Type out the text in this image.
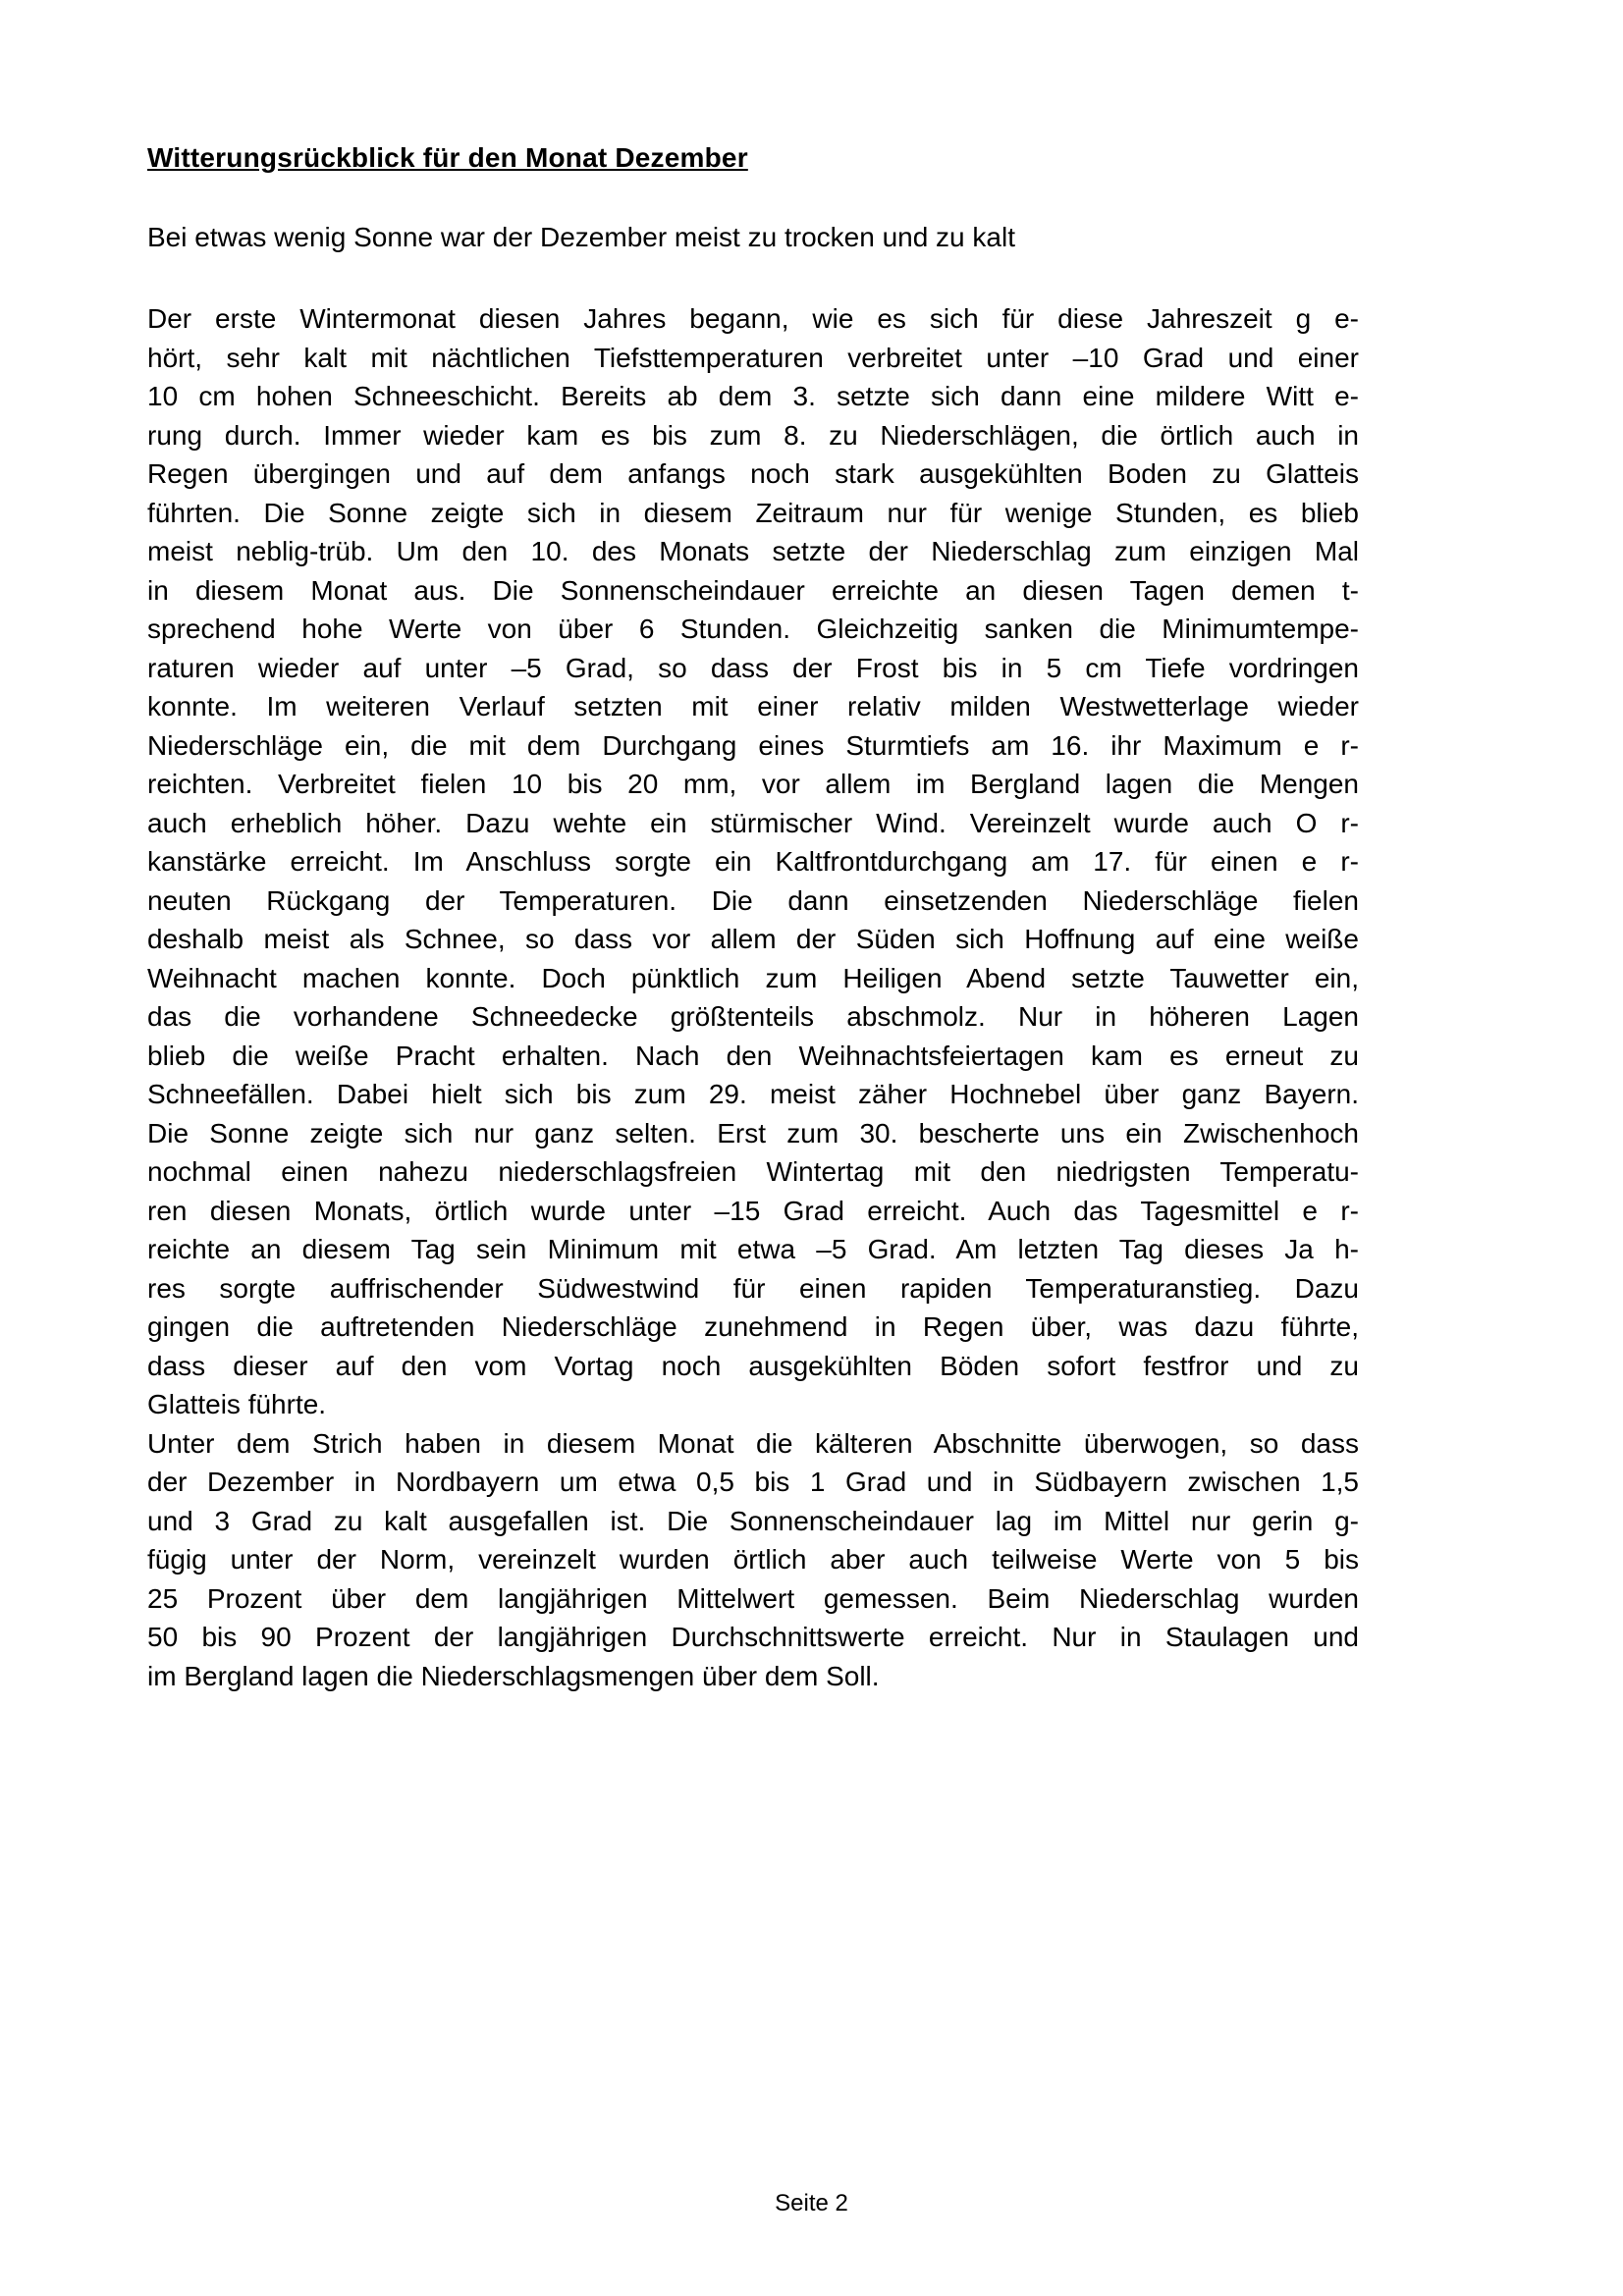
Witterungsrückblick für den Monat Dezember
Bei etwas wenig Sonne war der Dezember meist zu trocken und zu kalt
Der erste Wintermonat diesen Jahres begann, wie es sich für diese Jahreszeit g e-
hört, sehr kalt mit nächtlichen Tiefsttemperaturen verbreitet unter –10 Grad und einer
10 cm hohen Schneeschicht. Bereits ab dem 3. setzte sich dann eine mildere Witt e-
rung durch. Immer wieder kam es bis zum 8. zu Niederschlägen, die örtlich auch in
Regen übergingen und auf dem anfangs noch stark ausgekühlten Boden zu Glatteis
führten. Die Sonne zeigte sich in diesem Zeitraum nur für wenige Stunden, es blieb
meist neblig-trüb. Um den 10. des Monats setzte der Niederschlag zum einzigen Mal
in diesem Monat aus. Die Sonnenscheindauer erreichte an diesen Tagen demen t-
sprechend hohe Werte von über 6 Stunden. Gleichzeitig sanken die Minimumtempe-
raturen wieder auf unter –5 Grad, so dass der Frost bis in 5 cm Tiefe vordringen
konnte. Im weiteren Verlauf setzten mit einer relativ milden Westwetterlage wieder
Niederschläge ein, die mit dem Durchgang eines Sturmtiefs am 16. ihr Maximum e r-
reichten. Verbreitet fielen 10 bis 20 mm, vor allem im Bergland lagen die Mengen
auch erheblich höher. Dazu wehte ein stürmischer Wind. Vereinzelt wurde auch O r-
kanstärke erreicht. Im Anschluss sorgte ein Kaltfrontdurchgang am 17. für einen e r-
neuten Rückgang der Temperaturen. Die dann einsetzenden Niederschläge fielen
deshalb meist als Schnee, so dass vor allem der Süden sich Hoffnung auf eine weiße
Weihnacht machen konnte. Doch pünktlich zum Heiligen Abend setzte Tauwetter ein,
das die vorhandene Schneedecke größtenteils abschmolz. Nur in höheren Lagen
blieb die weiße Pracht erhalten. Nach den Weihnachtsfeiertagen kam es erneut zu
Schneefällen. Dabei hielt sich bis zum 29. meist zäher Hochnebel über ganz Bayern.
Die Sonne zeigte sich nur ganz selten. Erst zum 30. bescherte uns ein Zwischenhoch
nochmal einen nahezu niederschlagsfreien Wintertag mit den niedrigsten Temperatu-
ren diesen Monats, örtlich wurde unter –15 Grad erreicht. Auch das Tagesmittel e r-
reichte an diesem Tag sein Minimum mit etwa –5 Grad. Am letzten Tag dieses Ja h-
res sorgte auffrischender Südwestwind für einen rapiden Temperaturanstieg. Dazu
gingen die auftretenden Niederschläge zunehmend in Regen über, was dazu führte,
dass dieser auf den vom Vortag noch ausgekühlten Böden sofort festfror und zu
Glatteis führte.
Unter dem Strich haben in diesem Monat die kälteren Abschnitte überwogen, so dass
der Dezember in Nordbayern um etwa 0,5 bis 1 Grad und in Südbayern zwischen 1,5
und 3 Grad zu kalt ausgefallen ist. Die Sonnenscheindauer lag im Mittel nur gerin g-
fügig unter der Norm, vereinzelt wurden örtlich aber auch teilweise Werte von 5 bis
25 Prozent über dem langjährigen Mittelwert gemessen. Beim Niederschlag wurden
50 bis 90 Prozent der langjährigen Durchschnittswerte erreicht. Nur in Staulagen und
im Bergland lagen die Niederschlagsmengen über dem Soll.
Seite 2
